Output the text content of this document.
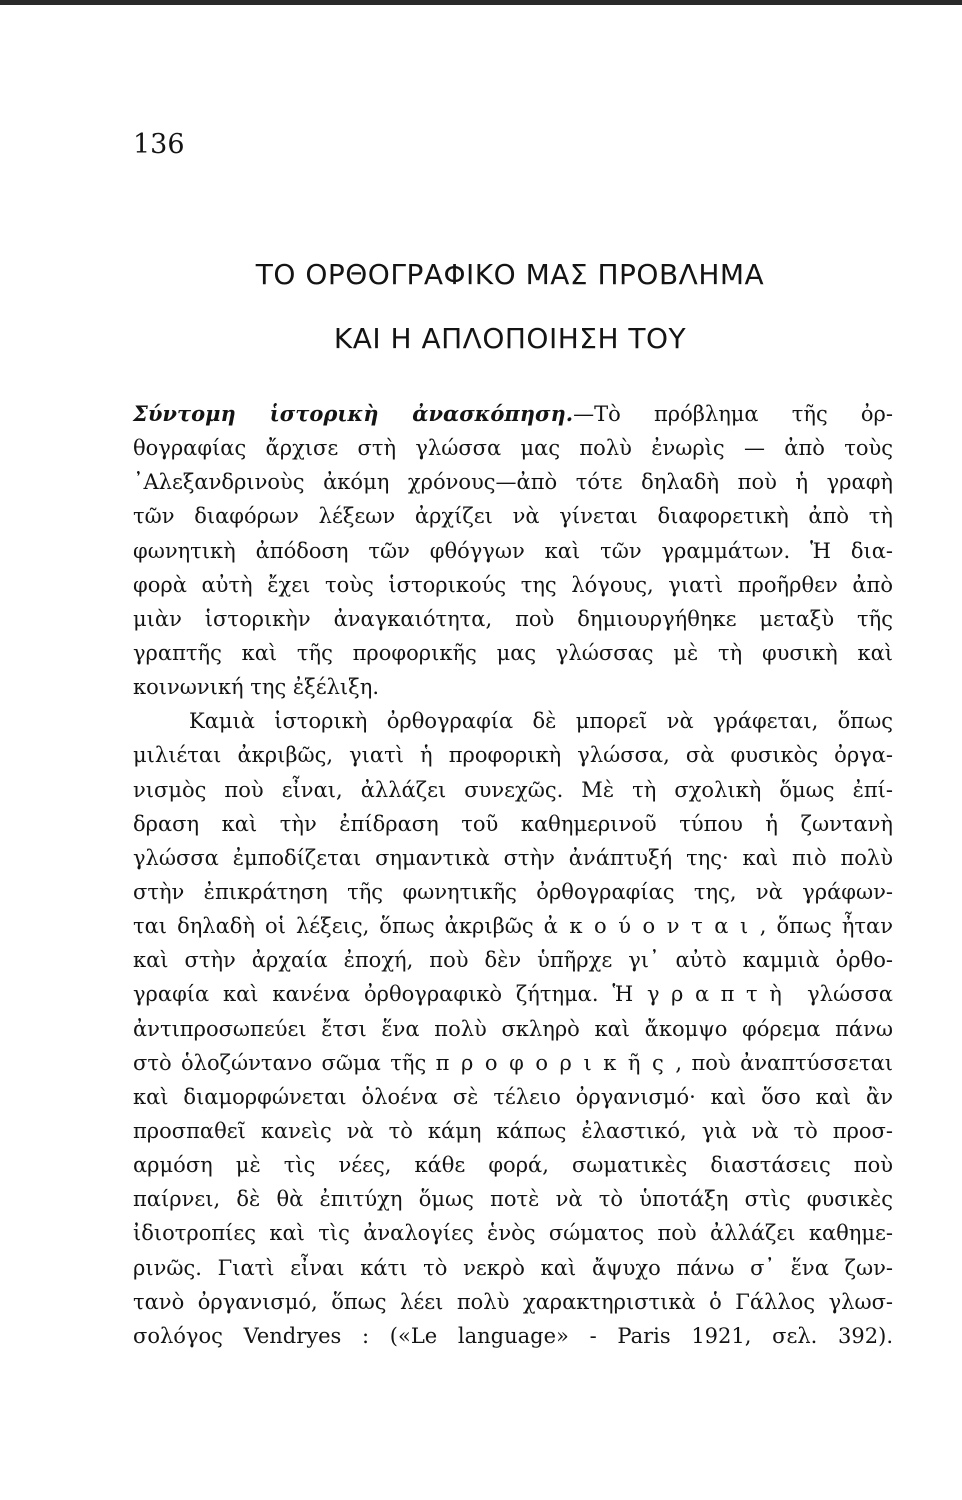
136
ΤΟ ΟΡΘΟΓΡΑΦΙΚΟ ΜΑΣ ΠΡΟΒΛΗΜΑ
ΚΑΙ Η ΑΠΛΟΠΟΙΗΣΗ ΤΟΥ
Σύντομη ἱστορικὴ ἀνασκόπηση.—Τὸ πρόβλημα τῆς ὀρ-
θογραφίας ἄρχισε στὴ γλώσσα μας πολὺ ἐνωρὶς — ἀπὸ τοὺς
᾿Αλεξανδρινοὺς ἀκόμη χρόνους—ἀπὸ τότε δηλαδὴ ποὺ ἡ γραφὴ
τῶν διαφόρων λέξεων ἀρχίζει νὰ γίνεται διαφορετικὴ ἀπὸ τὴ
φωνητικὴ ἀπόδοση τῶν φθόγγων καὶ τῶν γραμμάτων. Ἡ δια-
φορὰ αὐτὴ ἔχει τοὺς ἱστορικούς της λόγους, γιατὶ προῆρθεν ἀπὸ
μιὰν ἱστορικὴν ἀναγκαιότητα, ποὺ δημιουργήθηκε μεταξὺ τῆς
γραπτῆς καὶ τῆς προφορικῆς μας γλώσσας μὲ τὴ φυσικὴ καὶ
κοινωνική της ἐξέλιξη.
Καμιὰ ἱστορικὴ ὀρθογραφία δὲ μπορεῖ νὰ γράφεται, ὅπως
μιλιέται ἀκριβῶς, γιατὶ ἡ προφορικὴ γλώσσα, σὰ φυσικὸς ὀργα-
νισμὸς ποὺ εἶναι, ἀλλάζει συνεχῶς. Μὲ τὴ σχολικὴ ὅμως ἐπί-
δραση καὶ τὴν ἐπίδραση τοῦ καθημερινοῦ τύπου ἡ ζωντανὴ
γλώσσα ἐμποδίζεται σημαντικὰ στὴν ἀνάπτυξή της· καὶ πιὸ πολὺ
στὴν ἐπικράτηση τῆς φωνητικῆς ὀρθογραφίας της, νὰ γράφων-
ται δηλαδὴ οἱ λέξεις, ὅπως ἀκριβῶς ἀκούονται, ὅπως ἦταν
καὶ στὴν ἀρχαία ἐποχή, ποὺ δὲν ὑπῆρχε γι᾿ αὐτὸ καμμιὰ ὀρθο-
γραφία καὶ κανένα ὀρθογραφικὸ ζήτημα. Ἡ γραπτὴ γλώσσα
ἀντιπροσωπεύει ἔτσι ἕνα πολὺ σκληρὸ καὶ ἄκομψο φόρεμα πάνω
στὸ ὁλοζώντανο σῶμα τῆς προφορικῆς, ποὺ ἀναπτύσσεται
καὶ διαμορφώνεται ὁλοένα σὲ τέλειο ὀργανισμό· καὶ ὅσο καὶ ἂν
προσπαθεῖ κανεὶς νὰ τὸ κάμη κάπως ἐλαστικό, γιὰ νὰ τὸ προσ-
αρμόση μὲ τὶς νέες, κάθε φορά, σωματικὲς διαστάσεις ποὺ
παίρνει, δὲ θὰ ἐπιτύχη ὅμως ποτὲ νὰ τὸ ὑποτάξη στὶς φυσικὲς
ἰδιοτροπίες καὶ τὶς ἀναλογίες ἑνὸς σώματος ποὺ ἀλλάζει καθημε-
ρινῶς. Γιατὶ εἶναι κάτι τὸ νεκρὸ καὶ ἄψυχο πάνω σ᾿ ἕνα ζων-
τανὸ ὀργανισμό, ὅπως λέει πολὺ χαρακτηριστικὰ ὁ Γάλλος γλωσ-
σολόγος Vendryes : («Le language» - Paris 1921, σελ. 392).
